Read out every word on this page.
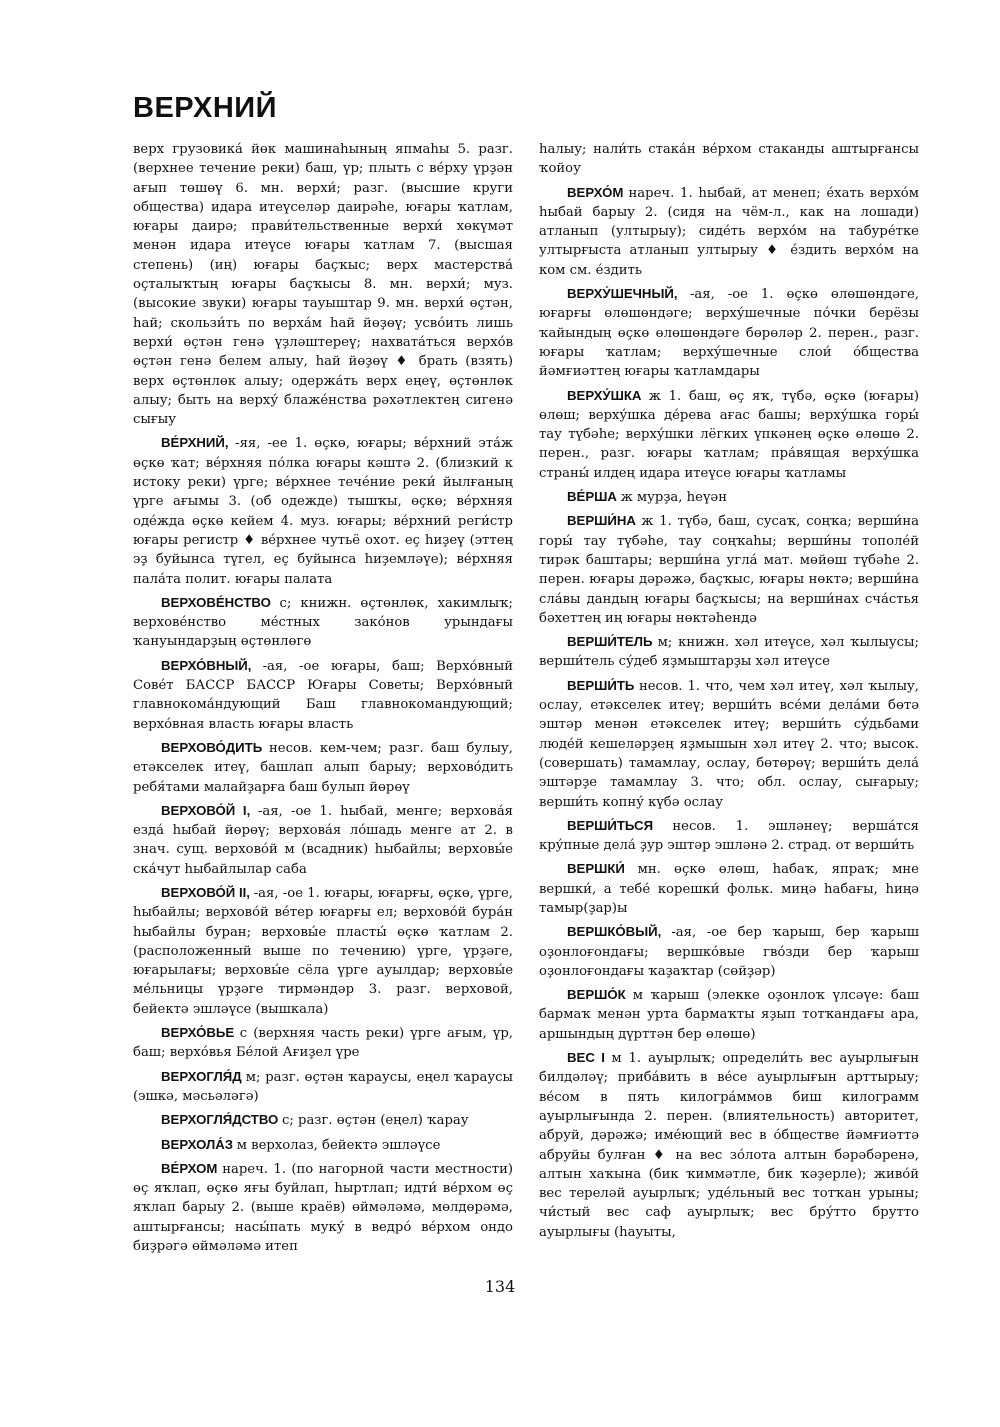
ВЕРХНИЙ

верх грузовика́ йөк машинаһының япмаһы 5. разг. (верхнее течение реки) баш, үр; плыть с ве́рху үрҙән ағып төшөү 6. мн. верхи́; разг. (высшие круги общества) идара итеүселәр даирәһе, юғары ҡатлам, юғары даирә; прави́тельственные верхи́ хөкүмәт менән идара итеүсе юғары ҡатлам 7. (высшая степень) (иң) юғары баҫҡыс; верх мастерства́ оҫталыҡтың юғары баҫҡысы 8. мн. верхи́; муз. (высокие звуки) юғары тауыштар 9. мн. верхи́ өҫтән, һай; скользи́ть по верха́м һай йөҙөү; усво́ить лишь верхи́ өҫтән генә үҙләштереү; нахвата́ться верхо́в өҫтән генә белем алыу, һай йөҙөү ♦ брать (взять) верх өҫтөнлөк алыу; одержа́ть верх еңеү, өҫтөнлөк алыу; быть на верху́ блаже́нства рәхәтлектең сигенә сығыу

ВЕ́РХНИЙ, -яя, -ее 1. өҫкө, юғары; ве́рхний эта́ж өҫкө ҡат; ве́рхняя по́лка юғары кәштә 2. (близкий к истоку реки) үрге; ве́рхнее тече́ние реки́ йылғаның үрге ағымы 3. (об одежде) тышҡы, өҫкө; ве́рхняя оде́жда өҫкө кейем 4. муз. юғары; ве́рхний реги́стр юғары регистр ♦ ве́рхнее чутьё охот. еҫ һиҙеү (эттең эҙ буйынса түгел, еҫ буйынса һиҙемләүе); ве́рхняя пала́та полит. юғары палата

ВЕРХОВЕ́НСТВО с; книжн. өҫтөнлөк, хакимлыҡ; верхове́нство ме́стных зако́нов урындағы ҡануындарҙың өҫтөнлөгө

ВЕРХО́ВНЫЙ, -ая, -ое юғары, баш; Верхо́вный Сове́т БАССР БАССР Юғары Советы; Верхо́вный главнокома́ндующий Баш главнокомандующий; верхо́вная власть юғары власть

ВЕРХОВО́ДИТЬ несов. кем-чем; разг. баш булыу, етәкселек итеү, башлап алып барыу; верхово́дить ребя́тами малайҙарға баш булып йөрөү

ВЕРХОВО́Й I, -ая, -ое 1. һыбай, менге; верхова́я езда́ һыбай йөрөү; верхова́я ло́шадь менге ат 2. в знач. сущ. верхово́й м (всадник) һыбайлы; верховы́е ска́чут һыбайлылар саба

ВЕРХОВО́Й II, -ая, -ое 1. юғары, юғарғы, өҫкө, үрге, һыбайлы; верхово́й ве́тер юғарғы ел; верхово́й бура́н һыбайлы буран; верховы́е пласты́ өҫкө ҡатлам 2. (расположенный выше по течению) үрге, үрҙәге, юғарылағы; верховы́е сёла үрге ауылдар; верховы́е ме́льницы үрҙәге тирмәндәр 3. разг. верховой, бейектә эшләүсе (вышкала)

ВЕРХО́ВЬЕ с (верхняя часть реки) үрге ағым, үр, баш; верхо́вья Бе́лой Ағиҙел үре

ВЕРХОГЛЯ́Д м; разг. өҫтән ҡараусы, еңел ҡараусы (эшкә, мәсьәләгә)

ВЕРХОГЛЯ́ДСТВО с; разг. өҫтән (еңел) ҡарау

ВЕРХОЛА́З м верхолаз, бейектә эшләүсе

ВЕ́РХОМ нареч. 1. (по нагорной части местности) өҫ яҡлап, өҫкө яғы буйлап, һыртлап; идти́ ве́рхом өҫ яҡлап барыу 2. (выше краёв) өймәләмә, мөлдөрәмә, аштырғансы; насы́пать муку́ в ведро́ ве́рхом ондо биҙрәгә өймәләмә итеп

һалыу; нали́ть стака́н ве́рхом стаканды аштырғансы ҡойоу

ВЕРХО́М нареч. 1. һыбай, ат менеп; е́хать верхо́м һыбай барыу 2. (сидя на чём-л., как на лошади) атланып (ултырыу); сиде́ть верхо́м на табуре́тке ултырғыста атланып ултырыу ♦ е́здить верхо́м на ком см. е́здить

ВЕРХУ́ШЕЧНЫЙ, -ая, -ое 1. өҫкө өлөшөндәге, юғарғы өлөшөндәге; верху́шечные по́чки берёзы ҡайындың өҫкө өлөшөндәге бөрөләр 2. перен., разг. юғары ҡатлам; верху́шечные слои́ о́бщества йәмғиәттең юғары ҡатламдары

ВЕРХУ́ШКА ж 1. баш, өҫ яҡ, түбә, өҫкө (юғары) өлөш; верху́шка де́рева ағас башы; верху́шка горы́ тау түбәһе; верху́шки лёгких үпкәнең өҫкө өлөшө 2. перен., разг. юғары ҡатлам; пра́вящая верху́шка страны́ илдең идара итеүсе юғары ҡатламы

ВЕ́РША ж мурҙа, һеүән

ВЕРШИ́НА ж 1. түбә, баш, сусаҡ, соңҡа; верши́на горы́ тау түбәһе, тау соңҡаһы; верши́ны тополе́й тирәк баштары; верши́на угла́ мат. мөйөш түбәһе 2. перен. юғары дәрәжә, баҫҡыс, юғары нөктә; верши́на сла́вы дандың юғары баҫҡысы; на верши́нах сча́стья бәхеттең иң юғары нөктәһендә

ВЕРШИ́ТЕЛЬ м; книжн. хәл итеүсе, хәл ҡылыусы; верши́тель су́деб яҙмыштарҙы хәл итеүсе

ВЕРШИ́ТЬ несов. 1. что, чем хәл итеү, хәл ҡылыу, ослау, етәкселек итеү; верши́ть все́ми дела́ми бөтә эштәр менән етәкселек итеү; верши́ть су́дьбами люде́й кешеләрҙең яҙмышын хәл итеү 2. что; высок. (совершать) тамамлау, ослау, бөтөрөү; верши́ть дела́ эштәрҙе тамамлау 3. что; обл. ослау, сығарыу; верши́ть копну́ күбә ослау

ВЕРШИ́ТЬСЯ несов. 1. эшләнеү; верша́тся кру́пные дела́ ҙур эштәр эшләнә 2. страд. от верши́ть

ВЕРШКИ́ мн. өҫкө өлөш, һабаҡ, япраҡ; мне вершки́, а тебе́ корешки́ фольк. миңә һабағы, һиңә тамыр(ҙар)ы

ВЕРШКО́ВЫЙ, -ая, -ое бер ҡарыш, бер ҡарыш оҙонлоғондағы; вершко́вые гво́зди бер ҡарыш оҙонлоғондағы ҡаҙаҡтар (сөйҙәр)

ВЕРШО́К м ҡарыш (элекке оҙонлоҡ үлсәүе: баш бармаҡ менән урта бармаҡты яҙып тотҡандағы ара, аршындың дүрттән бер өлөшө)

ВЕС I м 1. ауырлыҡ; определи́ть вес ауырлығын билдәләү; приба́вить в ве́се ауырлығын арттырыу; ве́сом в пять килогра́ммов биш килограмм ауырлығында 2. перен. (влиятельность) авторитет, абруй, дәрәжә; име́ющий вес в о́бществе йәмғиәттә абруйы булған ♦ на вес зо́лота алтын бәрәбәренә, алтын хаҡына (бик ҡиммәтле, бик ҡәҙерле); живо́й вес тереләй ауырлыҡ; уде́льный вес тотҡан урыны; чи́стый вес саф ауырлыҡ; вес бру́тто брутто ауырлығы (һауыты,

134
